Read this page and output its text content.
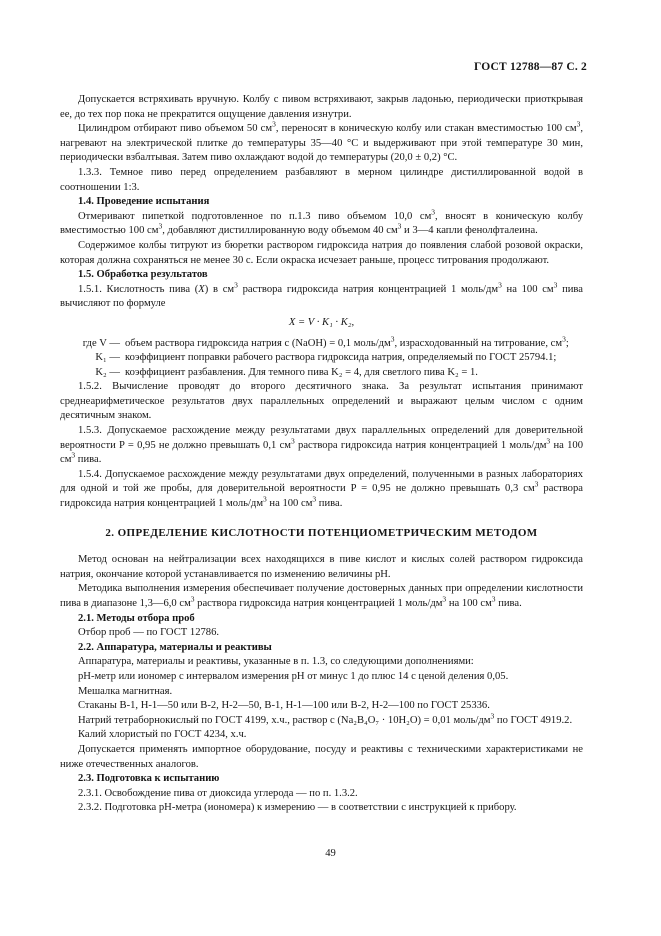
ГОСТ 12788—87 С. 2

Допускается встряхивать вручную. Колбу с пивом встряхивают, закрыв ладонью, периодически приоткрывая ее, до тех пор пока не прекратится ощущение давления изнутри.

Цилиндром отбирают пиво объемом 50 $см^3$, переносят в коническую колбу или стакан вместимостью 100 $см^3$, нагревают на электрической плитке до температуры 35—40 °С и выдерживают при этой температуре 30 мин, периодически взбалтывая. Затем пиво охлаждают водой до температуры (20,0 ± 0,2) °С.

1.3.3. Темное пиво перед определением разбавляют в мерном цилиндре дистиллированной водой в соотношении 1:3.

1.4. Проведение испытания

Отмеривают пипеткой подготовленное по п.1.3 пиво объемом 10,0 $см^3$, вносят в коническую колбу вместимостью 100 $см^3$, добавляют дистиллированную воду объемом 40 $см^3$ и 3—4 капли фенолфталеина.

Содержимое колбы титруют из бюретки раствором гидроксида натрия до появления слабой розовой окраски, которая должна сохраняться не менее 30 с. Если окраска исчезает раньше, процесс титрования продолжают.

1.5. Обработка результатов

1.5.1. Кислотность пива (X) в $см^3$ раствора гидроксида натрия концентрацией 1 моль/$дм^3$ на 100 $см^3$ пива вычисляют по формуле

X = V · K₁ · K₂,
где V — объем раствора гидроксида натрия c (NaOH) = 0,1 моль/$дм^3$, израсходованный на титрование, $см^3$;
K₁ — коэффициент поправки рабочего раствора гидроксида натрия, определяемый по ГОСТ 25794.1;
K₂ — коэффициент разбавления. Для темного пива K₂ = 4, для светлого пива K₂ = 1.

1.5.2. Вычисление проводят до второго десятичного знака. За результат испытания принимают среднеарифметическое результатов двух параллельных определений и выражают целым числом с одним десятичным знаком.

1.5.3. Допускаемое расхождение между результатами двух параллельных определений для доверительной вероятности P = 0,95 не должно превышать 0,1 $см^3$ раствора гидроксида натрия концентрацией 1 моль/$дм^3$ на 100 $см^3$ пива.

1.5.4. Допускаемое расхождение между результатами двух определений, полученными в разных лабораториях для одной и той же пробы, для доверительной вероятности P = 0,95 не должно превышать 0,3 $см^3$ раствора гидроксида натрия концентрацией 1 моль/$дм^3$ на 100 $см^3$ пива.

2. ОПРЕДЕЛЕНИЕ КИСЛОТНОСТИ ПОТЕНЦИОМЕТРИЧЕСКИМ МЕТОДОМ

Метод основан на нейтрализации всех находящихся в пиве кислот и кислых солей раствором гидроксида натрия, окончание которой устанавливается по изменению величины pH.

Методика выполнения измерения обеспечивает получение достоверных данных при определении кислотности пива в диапазоне 1,3—6,0 $см^3$ раствора гидроксида натрия концентрацией 1 моль/$дм^3$ на 100 $см^3$ пива.

2.1. Методы отбора проб

Отбор проб — по ГОСТ 12786.

2.2. Аппаратура, материалы и реактивы

Аппаратура, материалы и реактивы, указанные в п. 1.3, со следующими дополнениями:

pH-метр или иономер с интервалом измерения pH от минус 1 до плюс 14 с ценой деления 0,05.

Мешалка магнитная.

Стаканы В-1, Н-1—50 или В-2, Н-2—50, В-1, Н-1—100 или В-2, Н-2—100 по ГОСТ 25336.

Натрий тетраборнокислый по ГОСТ 4199, х.ч., раствор c (Na₂B₄O₇ · 10H₂O) = 0,01 моль/$дм^3$ по ГОСТ 4919.2.

Калий хлористый по ГОСТ 4234, х.ч.

Допускается применять импортное оборудование, посуду и реактивы с техническими характеристиками не ниже отечественных аналогов.

2.3. Подготовка к испытанию

2.3.1. Освобождение пива от диоксида углерода — по п. 1.3.2.

2.3.2. Подготовка pH-метра (иономера) к измерению — в соответствии с инструкцией к прибору.

49
